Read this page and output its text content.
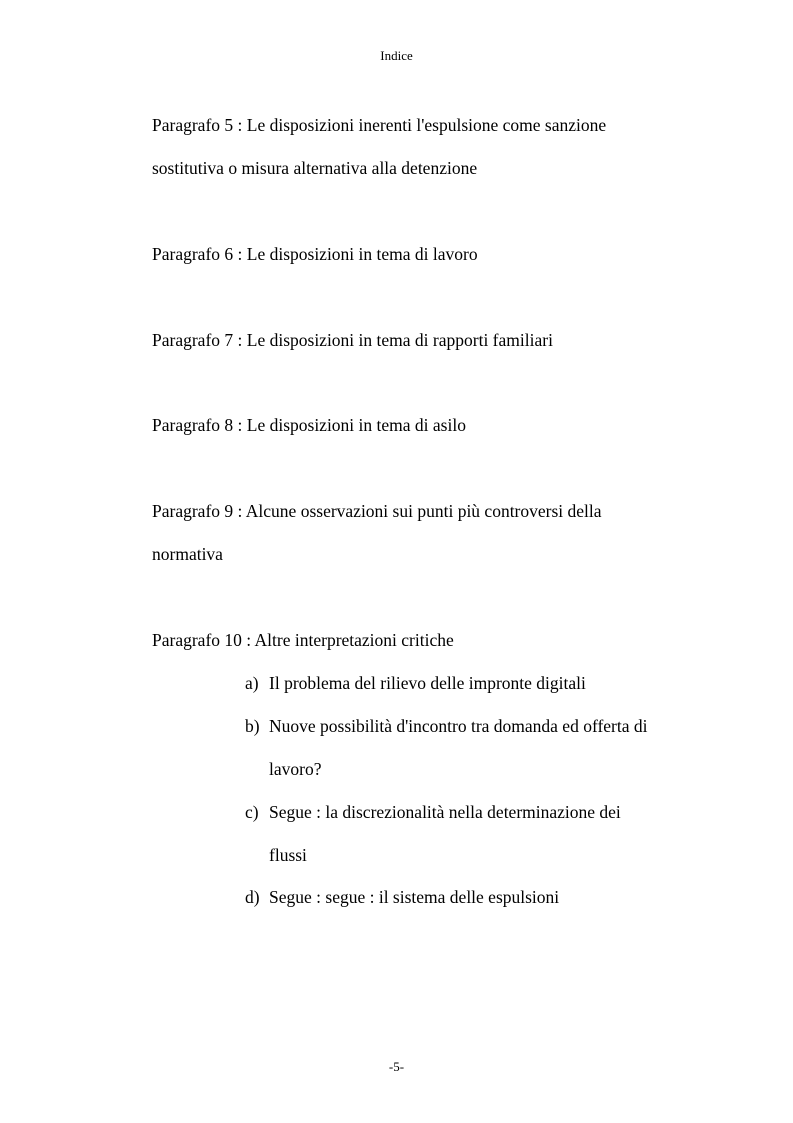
Indice
Paragrafo 5 : Le disposizioni inerenti l'espulsione come sanzione
sostitutiva o misura alternativa alla detenzione
Paragrafo 6 : Le disposizioni in tema di lavoro
Paragrafo 7 : Le disposizioni in tema di rapporti familiari
Paragrafo 8 : Le disposizioni in tema di asilo
Paragrafo 9 : Alcune osservazioni sui punti più controversi della
normativa
Paragrafo 10 : Altre interpretazioni critiche
a) Il problema del rilievo delle impronte digitali
b) Nuove possibilità d'incontro tra domanda ed offerta di
lavoro?
c) Segue : la discrezionalità nella determinazione dei
flussi
d) Segue : segue : il sistema delle espulsioni
-5-
